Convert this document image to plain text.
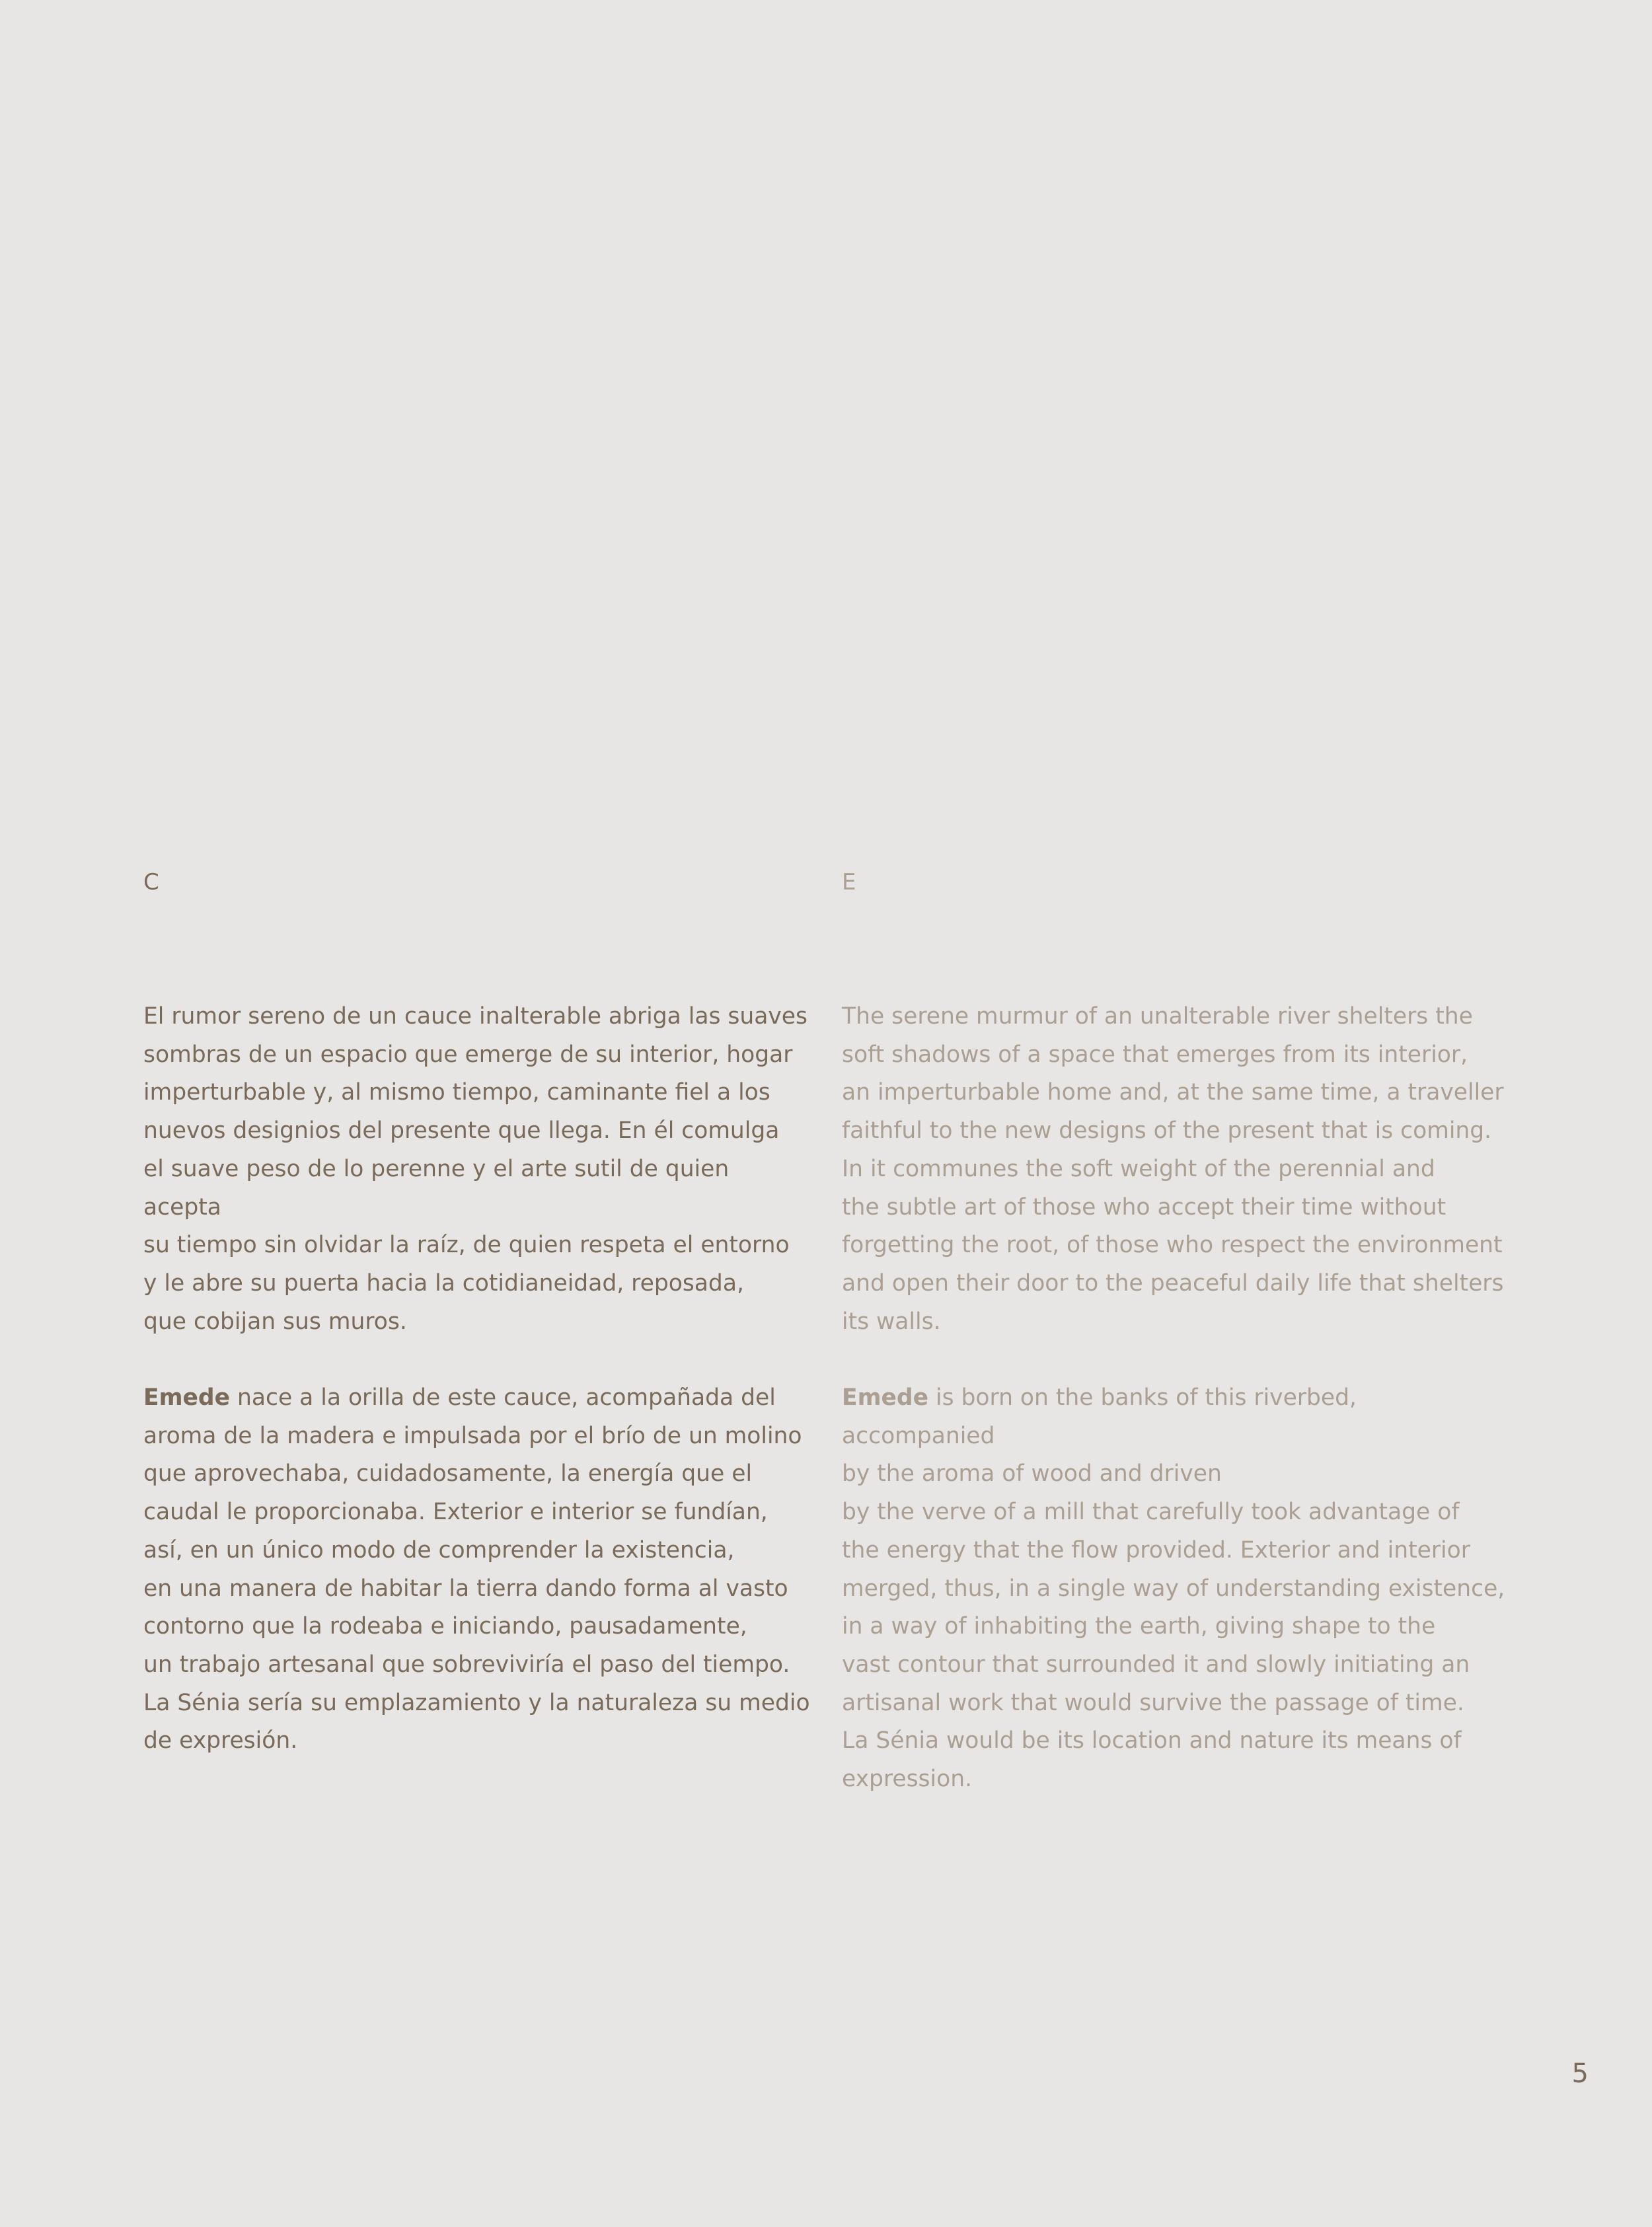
C

El rumor sereno de un cauce inalterable abriga las suaves
sombras de un espacio que emerge de su interior, hogar
imperturbable y, al mismo tiempo, caminante fiel a los
nuevos designios del presente que llega. En él comulga
el suave peso de lo perenne y el arte sutil de quien acepta
su tiempo sin olvidar la raíz, de quien respeta el entorno
y le abre su puerta hacia la cotidianeidad, reposada,
que cobijan sus muros.

Emede nace a la orilla de este cauce, acompañada del
aroma de la madera e impulsada por el brío de un molino
que aprovechaba, cuidadosamente, la energía que el
caudal le proporcionaba. Exterior e interior se fundían,
así, en un único modo de comprender la existencia,
en una manera de habitar la tierra dando forma al vasto
contorno que la rodeaba e iniciando, pausadamente,
un trabajo artesanal que sobreviviría el paso del tiempo.
La Sénia sería su emplazamiento y la naturaleza su medio
de expresión.

E

The serene murmur of an unalterable river shelters the
soft shadows of a space that emerges from its interior,
an imperturbable home and, at the same time, a traveller
faithful to the new designs of the present that is coming.
In it communes the soft weight of the perennial and
the subtle art of those who accept their time without
forgetting the root, of those who respect the environment
and open their door to the peaceful daily life that shelters
its walls.

Emede is born on the banks of this riverbed, accompanied
by the aroma of wood and driven
by the verve of a mill that carefully took advantage of
the energy that the flow provided. Exterior and interior
merged, thus, in a single way of understanding existence,
in a way of inhabiting the earth, giving shape to the
vast contour that surrounded it and slowly initiating an
artisanal work that would survive the passage of time.
La Sénia would be its location and nature its means of
expression.

5
